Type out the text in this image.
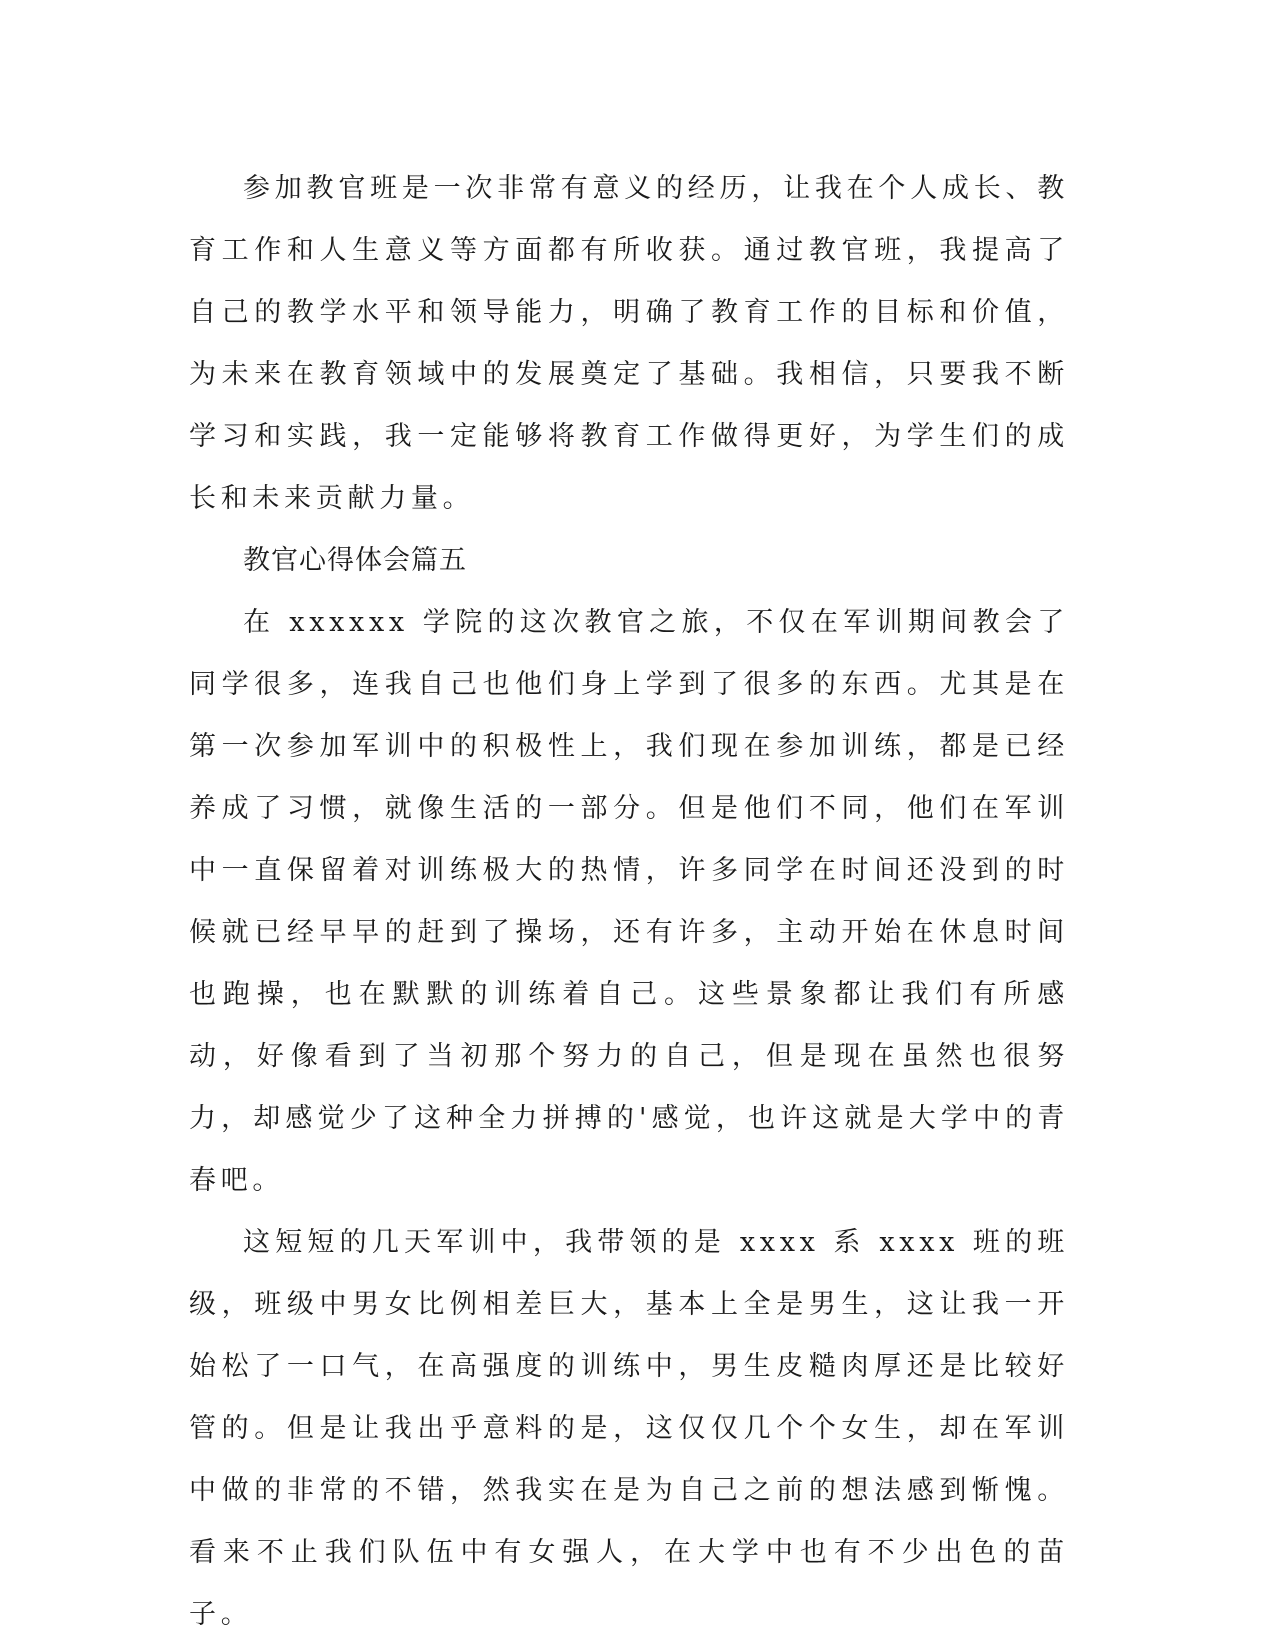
参加教官班是一次非常有意义的经历，让我在个人成长、教育工作和人生意义等方面都有所收获。通过教官班，我提高了自己的教学水平和领导能力，明确了教育工作的目标和价值，为未来在教育领域中的发展奠定了基础。我相信，只要我不断学习和实践，我一定能够将教育工作做得更好，为学生们的成长和未来贡献力量。

教官心得体会篇五

在 xxxxxx 学院的这次教官之旅，不仅在军训期间教会了同学很多，连我自己也他们身上学到了很多的东西。尤其是在第一次参加军训中的积极性上，我们现在参加训练，都是已经养成了习惯，就像生活的一部分。但是他们不同，他们在军训中一直保留着对训练极大的热情，许多同学在时间还没到的时候就已经早早的赶到了操场，还有许多，主动开始在休息时间也跑操，也在默默的训练着自己。这些景象都让我们有所感动，好像看到了当初那个努力的自己，但是现在虽然也很努力，却感觉少了这种全力拼搏的'感觉，也许这就是大学中的青春吧。

这短短的几天军训中，我带领的是 xxxx 系 xxxx 班的班级，班级中男女比例相差巨大，基本上全是男生，这让我一开始松了一口气，在高强度的训练中，男生皮糙肉厚还是比较好管的。但是让我出乎意料的是，这仅仅几个个女生，却在军训中做的非常的不错，然我实在是为自己之前的想法感到惭愧。看来不止我们队伍中有女强人，在大学中也有不少出色的苗子。
